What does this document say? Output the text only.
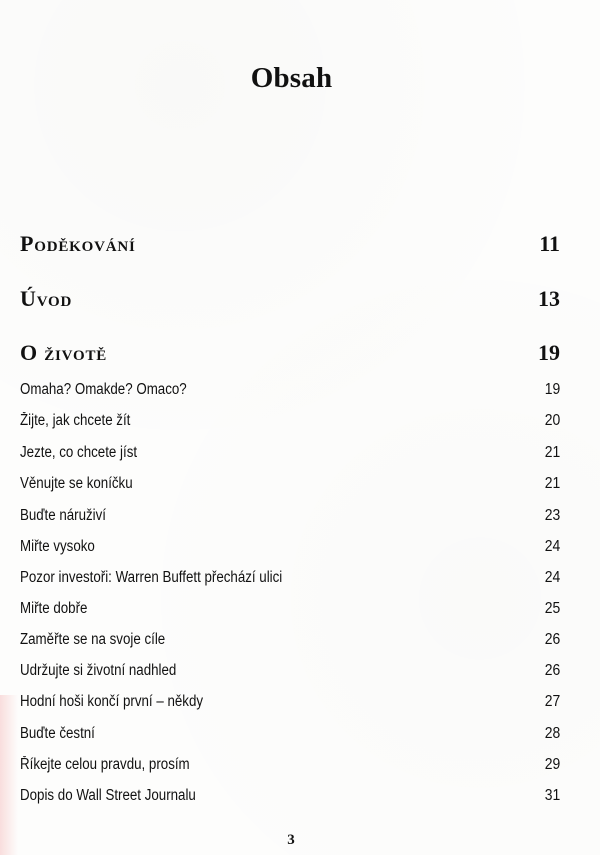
Obsah
Poděkování	11
Úvod	13
O životě	19
Omaha? Omakde? Omaco?	19
Žijte, jak chcete žít	20
Jezte, co chcete jíst	21
Věnujte se koníčku	21
Buďte náruživí	23
Miřte vysoko	24
Pozor investoři: Warren Buffett přechází ulici	24
Miřte dobře	25
Zaměřte se na svoje cíle	26
Udržujte si životní nadhled	26
Hodní hoši končí první – někdy	27
Buďte čestní	28
Říkejte celou pravdu, prosím	29
Dopis do Wall Street Journalu	31
3
